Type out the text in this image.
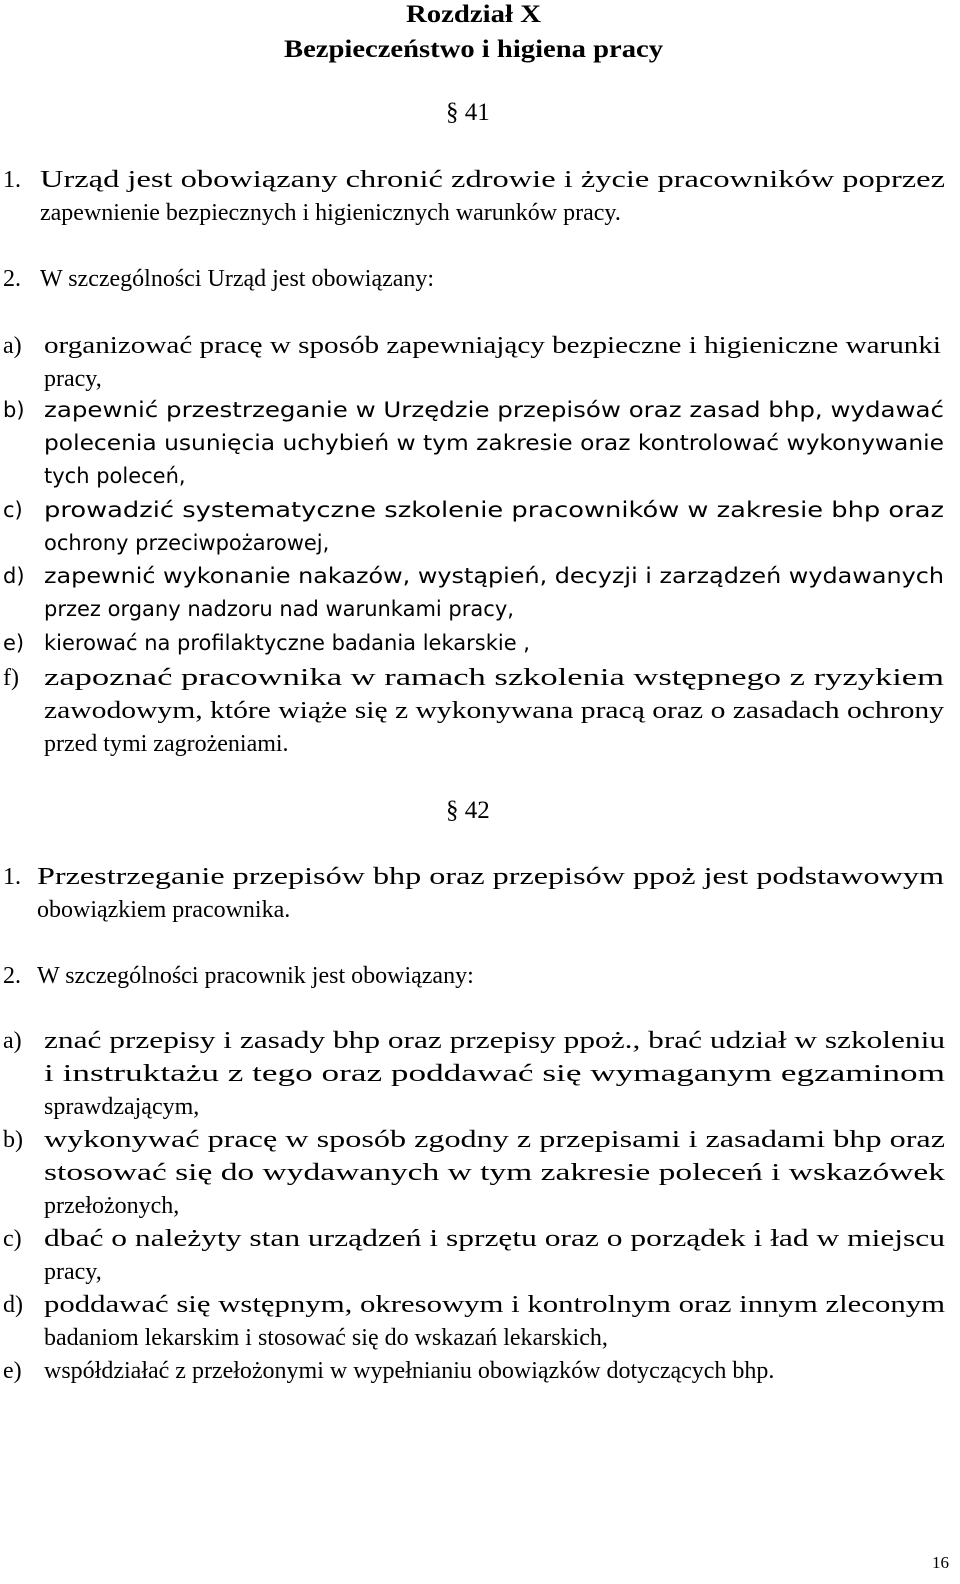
Rozdział X
Bezpieczeństwo i higiena pracy
§ 41
1. Urząd jest obowiązany chronić zdrowie i życie pracowników poprzez
zapewnienie bezpiecznych i higienicznych warunków pracy.
2. W szczególności Urząd jest obowiązany:
a) organizować pracę w sposób zapewniający bezpieczne i higieniczne warunki
pracy,
b) zapewnić przestrzeganie w Urzędzie przepisów oraz zasad bhp, wydawać
polecenia usunięcia uchybień w tym zakresie oraz kontrolować wykonywanie
tych poleceń,
c) prowadzić systematyczne szkolenie pracowników w zakresie bhp oraz
ochrony przeciwpożarowej,
d) zapewnić wykonanie nakazów, wystąpień, decyzji i zarządzeń wydawanych
przez organy nadzoru nad warunkami pracy,
e) kierować na profilaktyczne badania lekarskie ,
f) zapoznać pracownika w ramach szkolenia wstępnego z ryzykiem
zawodowym, które wiąże się z wykonywana pracą oraz o zasadach ochrony
przed tymi zagrożeniami.
§ 42
1. Przestrzeganie przepisów bhp oraz przepisów ppoż jest podstawowym
obowiązkiem pracownika.
2. W szczególności pracownik jest obowiązany:
a) znać przepisy i zasady bhp oraz przepisy ppoż., brać udział w szkoleniu
i instruktażu z tego oraz poddawać się wymaganym egzaminom
sprawdzającym,
b) wykonywać pracę w sposób zgodny z przepisami i zasadami bhp oraz
stosować się do wydawanych w tym zakresie poleceń i wskazówek
przełożonych,
c) dbać o należyty stan urządzeń i sprzętu oraz o porządek i ład w miejscu
pracy,
d) poddawać się wstępnym, okresowym i kontrolnym oraz innym zleconym
badaniom lekarskim i stosować się do wskazań lekarskich,
e) współdziałać z przełożonymi w wypełnianiu obowiązków dotyczących bhp.
16
